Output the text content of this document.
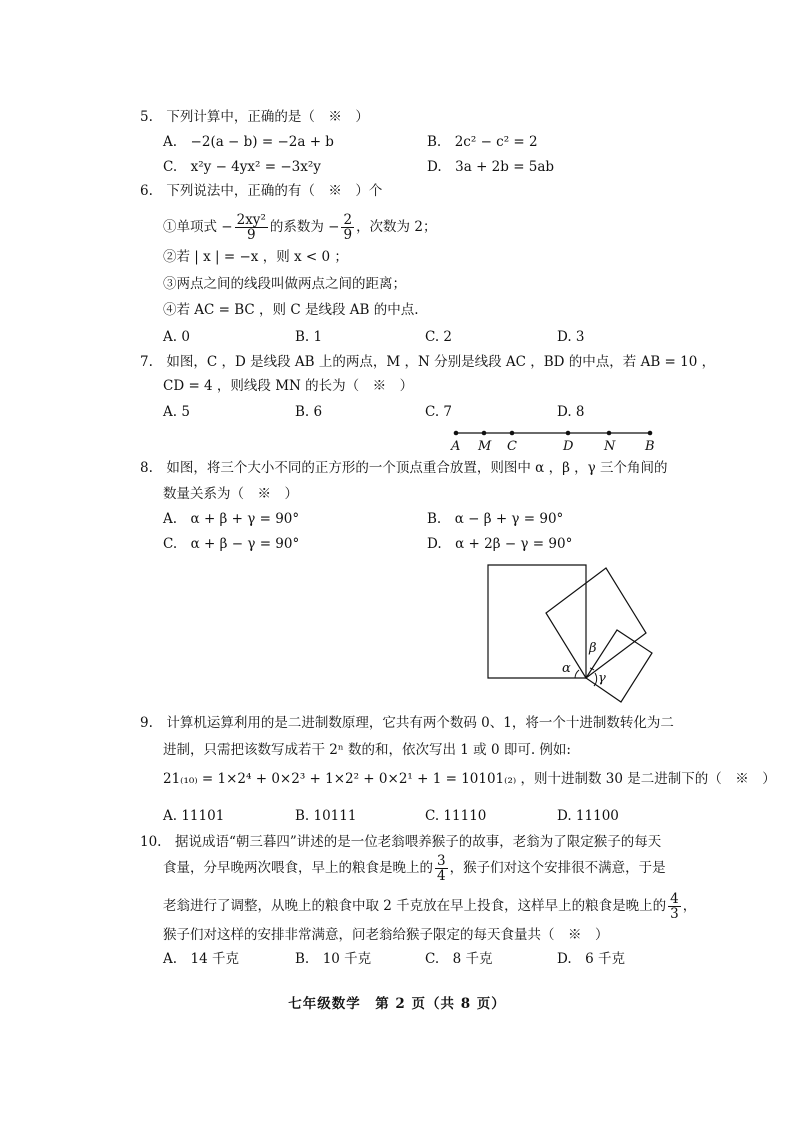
5.　下列计算中，正确的是（　※　）
A.　−2(a − b) = −2a + b	B.　2c² − c² = 2
C.　x²y − 4yx² = −3x²y	D.　3a + 2b = 5ab
6.　下列说法中，正确的有（　※　）个
①单项式 − $\frac{\text{2xy²}}{9}$ 的系数为 − $\frac{2}{9}$ ，次数为 2；
②若 | x | = −x ，则 x < 0 ；
③两点之间的线段叫做两点之间的距离；
④若 AC = BC ，则 C 是线段 AB 的中点.
A. 0	B. 1	C. 2	D. 3
7.　如图，C ，D 是线段 AB 上的两点，M ，N 分别是线段 AC ，BD 的中点，若 AB = 10 ，
CD = 4 ，则线段 MN 的长为（　※　）
A. 5	B. 6	C. 7	D. 8
A M C	D N B
α
β
γ
8.　如图，将三个大小不同的正方形的一个顶点重合放置，则图中 α ，β ，γ 三个角间的
数量关系为（　※　）
A.　α + β + γ = 90°	B.　α − β + γ = 90°
C.　α + β − γ = 90°	D.　α + 2β − γ = 90°
9.　计算机运算利用的是二进制数原理，它共有两个数码 0、1，将一个十进制数转化为二
进制，只需把该数写成若干 2ⁿ 数的和，依次写出 1 或 0 即可. 例如:
21₍₁₀₎ = 1×2⁴ + 0×2³ + 1×2² + 0×2¹ + 1 = 10101₍₂₎ ，则十进制数 30 是二进制下的（　※　）
A. 11101	B. 10111	C. 11110	D. 11100
10.　据说成语“朝三暮四”讲述的是一位老翁喂养猴子的故事，老翁为了限定猴子的每天
食量，分早晚两次喂食，早上的粮食是晚上的 $\frac{3}{4}$ ，猴子们对这个安排很不满意，于是
老翁进行了调整，从晚上的粮食中取 2 千克放在早上投食，这样早上的粮食是晚上的 $\frac{4}{3}$ ，
猴子们对这样的安排非常满意，问老翁给猴子限定的每天食量共（　※　）
A.　14 千克	B.　10 千克	C.　8 千克	D.　6 千克
七年级数学　第 2 页（共 8 页）
